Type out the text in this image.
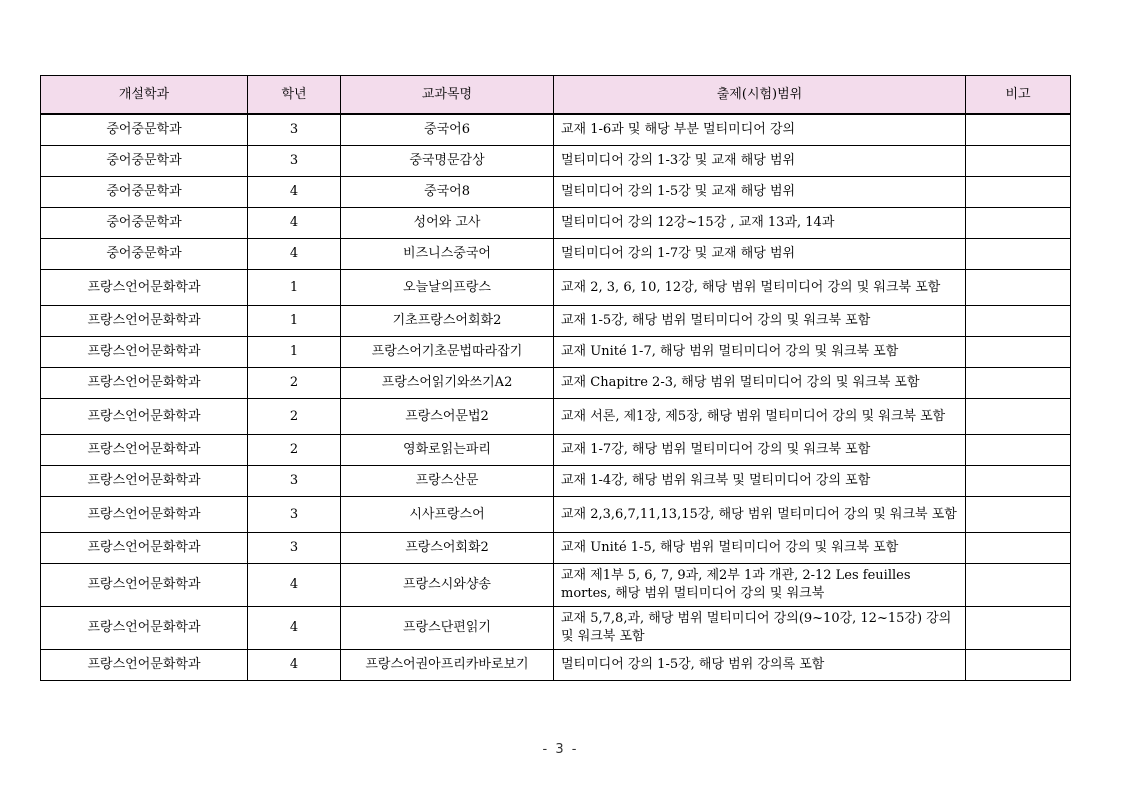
개설학과	학년	교과목명	출제(시험)범위	비고
중어중문학과	3	중국어6	교재 1-6과 및 해당 부분 멀티미디어 강의	
중어중문학과	3	중국명문감상	멀티미디어 강의 1-3강 및 교재 해당 범위	
중어중문학과	4	중국어8	멀티미디어 강의 1-5강 및 교재 해당 범위	
중어중문학과	4	성어와 고사	멀티미디어 강의 12강~15강 , 교재 13과, 14과	
중어중문학과	4	비즈니스중국어	멀티미디어 강의 1-7강 및 교재 해당 범위	
프랑스언어문화학과	1	오늘날의프랑스	교재 2, 3, 6, 10, 12강, 해당 범위 멀티미디어 강의 및 워크북 포함	
프랑스언어문화학과	1	기초프랑스어회화2	교재 1-5강, 해당 범위 멀티미디어 강의 및 워크북 포함	
프랑스언어문화학과	1	프랑스어기초문법따라잡기	교재 Unité 1-7, 해당 범위 멀티미디어 강의 및 워크북 포함	
프랑스언어문화학과	2	프랑스어읽기와쓰기A2	교재 Chapitre 2-3, 해당 범위 멀티미디어 강의 및 워크북 포함	
프랑스언어문화학과	2	프랑스어문법2	교재 서론, 제1장, 제5장, 해당 범위 멀티미디어 강의 및 워크북 포함	
프랑스언어문화학과	2	영화로읽는파리	교재 1-7강, 해당 범위 멀티미디어 강의 및 워크북 포함	
프랑스언어문화학과	3	프랑스산문	교재 1-4강, 해당 범위 워크북 및 멀티미디어 강의 포함	
프랑스언어문화학과	3	시사프랑스어	교재 2,3,6,7,11,13,15강, 해당 범위 멀티미디어 강의 및 워크북 포함	
프랑스언어문화학과	3	프랑스어회화2	교재 Unité 1-5, 해당 범위 멀티미디어 강의 및 워크북 포함	
프랑스언어문화학과	4	프랑스시와샹송	교재 제1부 5, 6, 7, 9과, 제2부 1과 개관, 2-12 Les feuilles mortes, 해당 범위 멀티미디어 강의 및 워크북	
프랑스언어문화학과	4	프랑스단편읽기	교재 5,7,8,과, 해당 범위 멀티미디어 강의(9~10강, 12~15강) 강의 및 워크북 포함	
프랑스언어문화학과	4	프랑스어권아프리카바로보기	멀티미디어 강의 1-5강, 해당 범위 강의록 포함	
- 3 -
